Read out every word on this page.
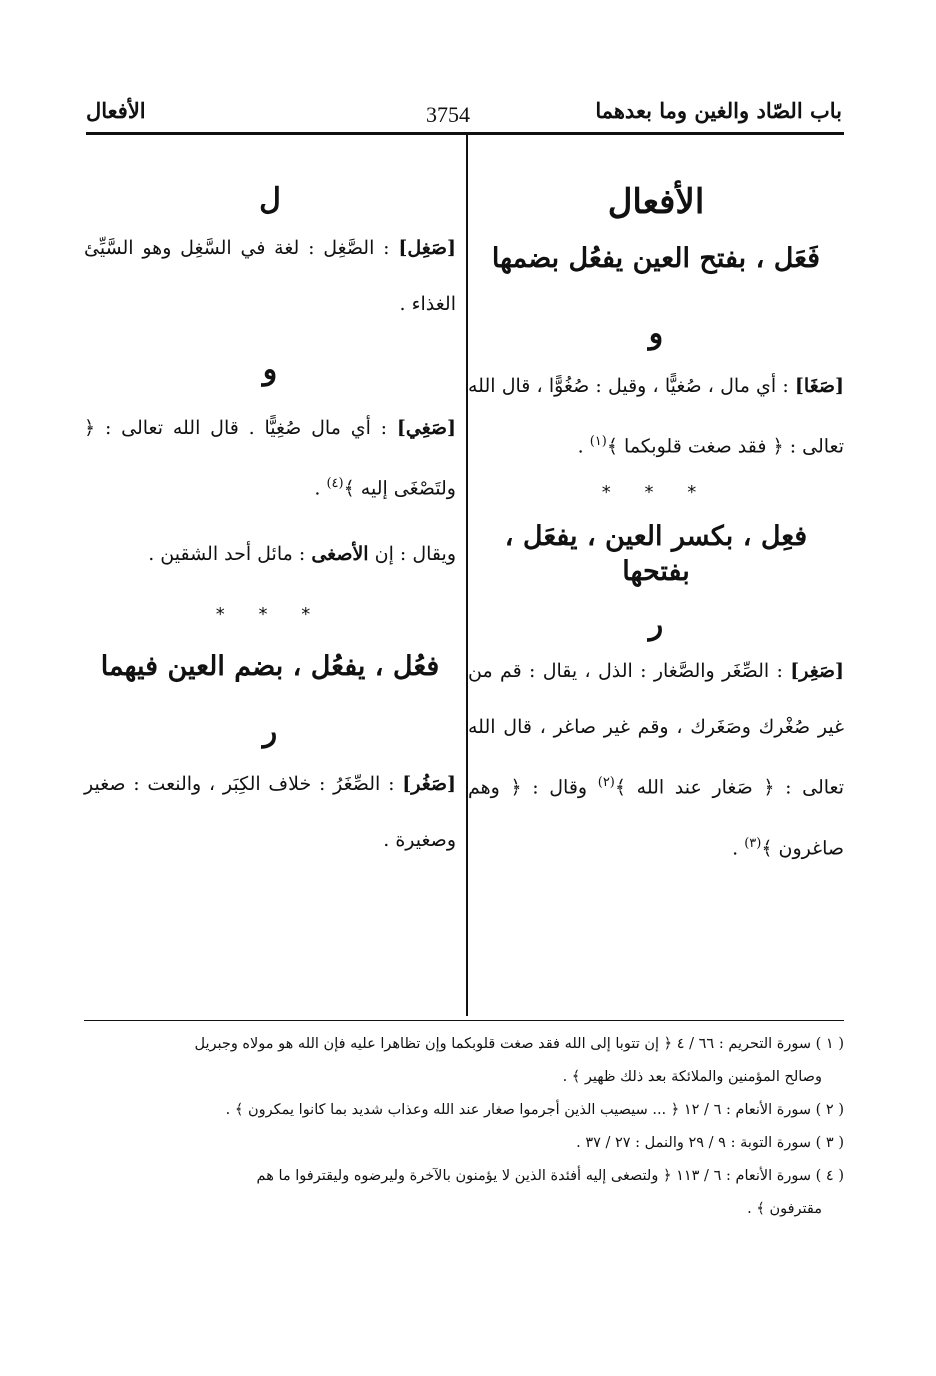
باب الصّاد والغين وما بعدهما
3754
الأفعال
الأفعال
فَعَل ، بفتح العين يفعُل بضمها
و

[صَغَا] : أي مال ، صُغيًّا ، وقيل : صُغُوًّا ، قال الله تعالى : ﴿ فقد صغت قلوبكما ﴾$^{(١)}$ .

* * *
فعِل ، بكسر العين ، يفعَل ، بفتحها
ر

[صَغِر] : الصِّغَر والصَّغار : الذل ، يقال : قم من غير صُغْرك وصَغَرك ، وقم غير صاغر ، قال الله تعالى : ﴿ صَغار عند الله ﴾$^{(٢)}$ وقال : ﴿ وهم صاغرون ﴾$^{(٣)}$ .

ل

[صَغِل] : الصَّغِل : لغة في السَّغِل وهو السَّيِّئ الغذاء .

و

[صَغِي] : أي مال صُغِيًّا . قال الله تعالى : ﴿ ولتَصْغَى إليه ﴾$^{(٤)}$ .

ويقال : إن الأصغى : مائل أحد الشقين .

* * *
فعُل ، يفعُل ، بضم العين فيهما
ر

[صَغُر] : الصِّغَرُ : خلاف الكِبَر ، والنعت : صغير وصغيرة .

( ١ ) سورة التحريم : ٦٦ / ٤ ﴿ إن تتوبا إلى الله فقد صغت قلوبكما وإن تظاهرا عليه فإن الله هو مولاه وجبريل
وصالح المؤمنين والملائكة بعد ذلك ظهير ﴾ .

( ٢ ) سورة الأنعام : ٦ / ١٢ ﴿ ... سيصيب الذين أجرموا صغار عند الله وعذاب شديد بما كانوا يمكرون ﴾ .

( ٣ ) سورة التوبة : ٩ / ٢٩ والنمل : ٢٧ / ٣٧ .

( ٤ ) سورة الأنعام : ٦ / ١١٣ ﴿ ولتصغى إليه أفئدة الذين لا يؤمنون بالآخرة وليرضوه وليقترفوا ما هم
مقترفون ﴾ .
